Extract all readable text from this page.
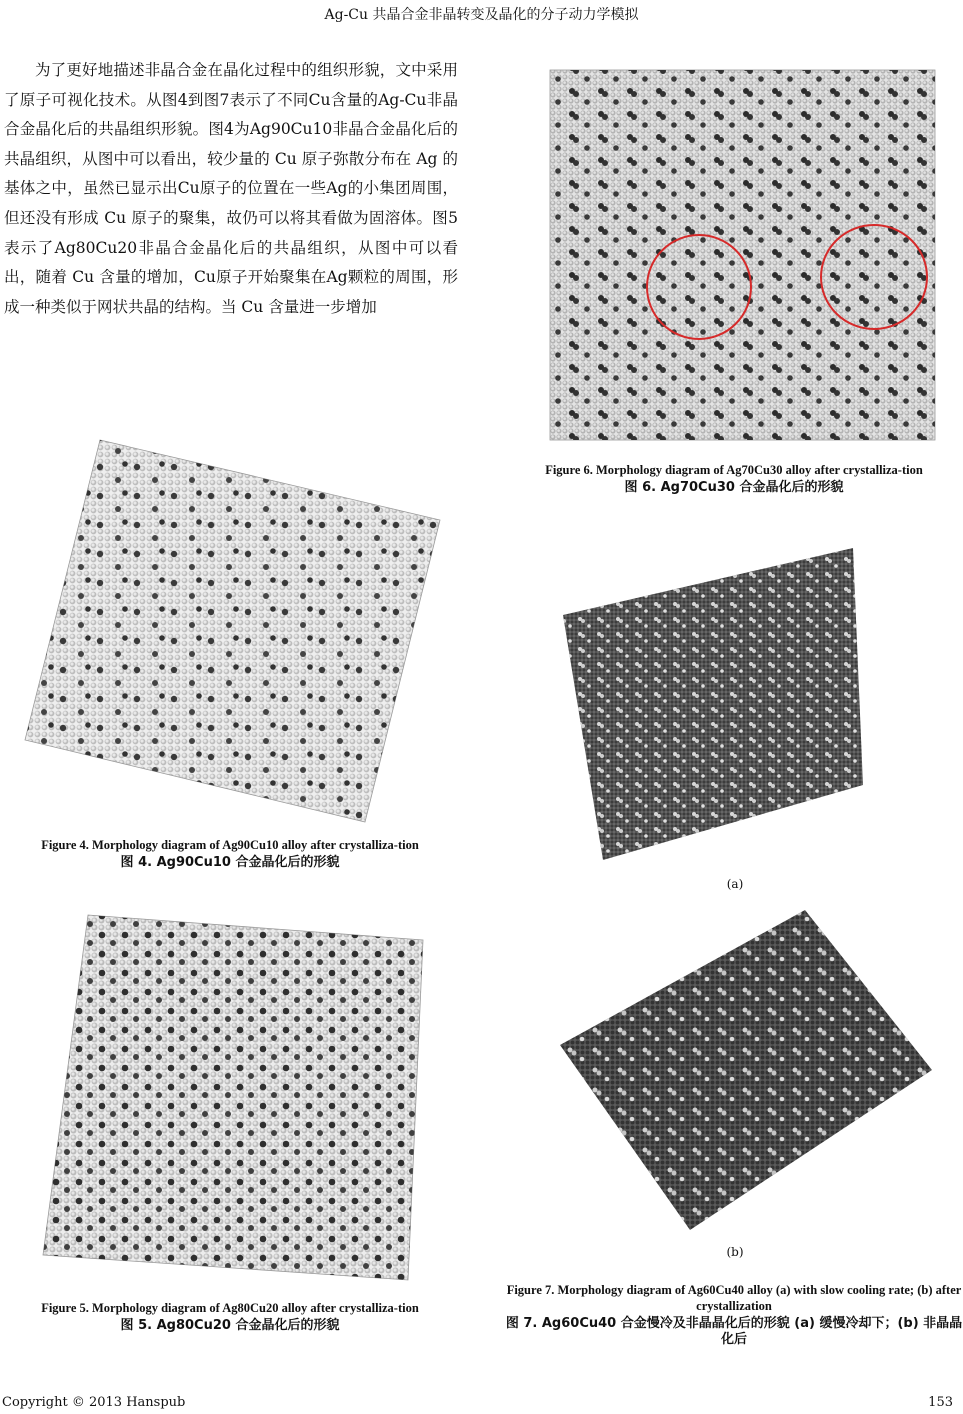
Ag-Cu 共晶合金非晶转变及晶化的分子动力学模拟

为了更好地描述非晶合金在晶化过程中的组织形貌，文中采用了原子可视化技术。从图4到图7表示了不同Cu含量的Ag-Cu非晶合金晶化后的共晶组织形貌。图4为Ag90Cu10非晶合金晶化后的共晶组织，从图中可以看出，较少量的 Cu 原子弥散分布在 Ag 的基体之中，虽然已显示出Cu原子的位置在一些Ag的小集团周围，但还没有形成 Cu 原子的聚集，故仍可以将其看做为固溶体。图5表示了Ag80Cu20非晶合金晶化后的共晶组织，从图中可以看出，随着 Cu 含量的增加，Cu原子开始聚集在Ag颗粒的周围，形成一种类似于网状共晶的结构。当 Cu 含量进一步增加

Figure 4. Morphology diagram of Ag90Cu10 alloy after crystalliza-tion
图 4. Ag90Cu10 合金晶化后的形貌
Figure 5. Morphology diagram of Ag80Cu20 alloy after crystalliza-tion
图 5. Ag80Cu20 合金晶化后的形貌
Figure 6. Morphology diagram of Ag70Cu30 alloy after crystalliza-tion
图 6. Ag70Cu30 合金晶化后的形貌
(a)
(b)
Figure 7. Morphology diagram of Ag60Cu40 alloy (a) with slow cooling rate; (b) after crystallization
图 7. Ag60Cu40 合金慢冷及非晶晶化后的形貌 (a) 缓慢冷却下；(b) 非晶晶化后
Copyright © 2013 Hanspub	153
